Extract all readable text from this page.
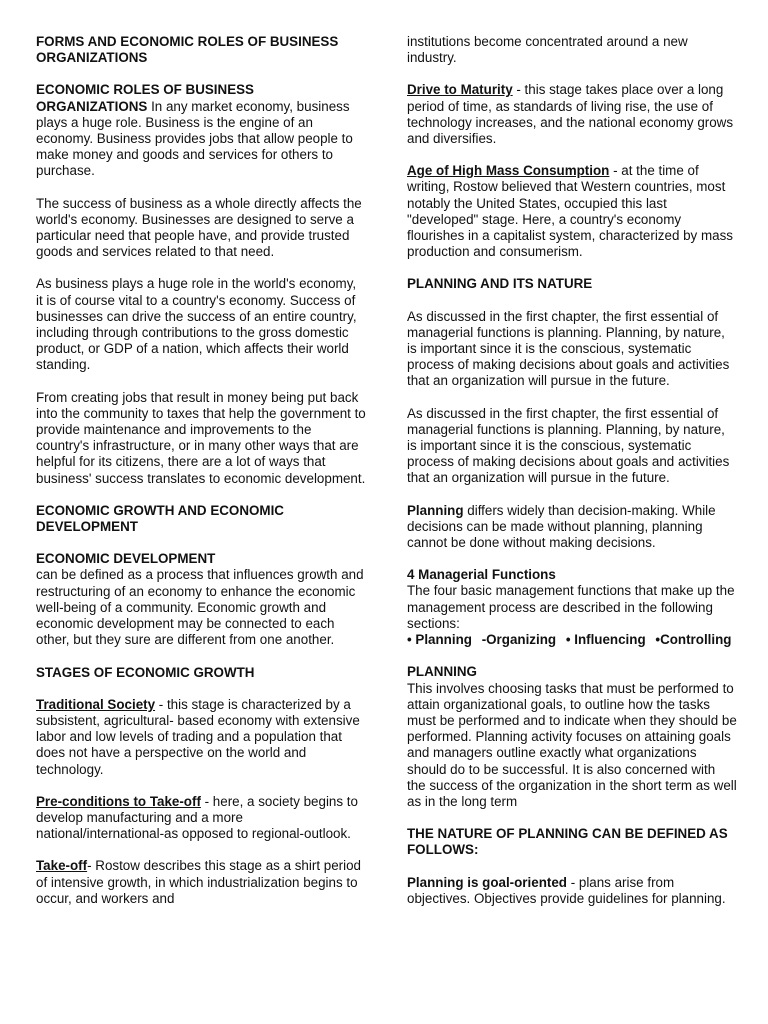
FORMS AND ECONOMIC ROLES OF BUSINESS ORGANIZATIONS

ECONOMIC ROLES OF BUSINESS ORGANIZATIONS In any market economy, business plays a huge role. Business is the engine of an economy. Business provides jobs that allow people to make money and goods and services for others to purchase.

The success of business as a whole directly affects the world's economy. Businesses are designed to serve a particular need that people have, and provide trusted goods and services related to that need.

As business plays a huge role in the world's economy, it is of course vital to a country's economy. Success of businesses can drive the success of an entire country, including through contributions to the gross domestic product, or GDP of a nation, which affects their world standing.

From creating jobs that result in money being put back into the community to taxes that help the government to provide maintenance and improvements to the country's infrastructure, or in many other ways that are helpful for its citizens, there are a lot of ways that business' success translates to economic development.

ECONOMIC GROWTH AND ECONOMIC DEVELOPMENT

ECONOMIC DEVELOPMENT

can be defined as a process that influences growth and restructuring of an economy to enhance the economic well-being of a community. Economic growth and economic development may be connected to each other, but they sure are different from one another.

STAGES OF ECONOMIC GROWTH

Traditional Society - this stage is characterized by a subsistent, agricultural- based economy with extensive labor and low levels of trading and a population that does not have a perspective on the world and technology.

Pre-conditions to Take-off - here, a society begins to develop manufacturing and a more national/international-as opposed to regional-outlook.

Take-off- Rostow describes this stage as a shirt period of intensive growth, in which industrialization begins to occur, and workers and

institutions become concentrated around a new industry.

Drive to Maturity - this stage takes place over a long period of time, as standards of living rise, the use of technology increases, and the national economy grows and diversifies.

Age of High Mass Consumption - at the time of writing, Rostow believed that Western countries, most notably the United States, occupied this last "developed" stage. Here, a country's economy flourishes in a capitalist system, characterized by mass production and consumerism.

PLANNING AND ITS NATURE

As discussed in the first chapter, the first essential of managerial functions is planning. Planning, by nature, is important since it is the conscious, systematic process of making decisions about goals and activities that an organization will pursue in the future.

As discussed in the first chapter, the first essential of managerial functions is planning. Planning, by nature, is important since it is the conscious, systematic process of making decisions about goals and activities that an organization will pursue in the future.

Planning differs widely than decision-making. While decisions can be made without planning, planning cannot be done without making decisions.

4 Managerial Functions

The four basic management functions that make up the management process are described in the following sections:

• Planning -Organizing • Influencing •Controlling

PLANNING

This involves choosing tasks that must be performed to attain organizational goals, to outline how the tasks must be performed and to indicate when they should be performed. Planning activity focuses on attaining goals and managers outline exactly what organizations should do to be successful. It is also concerned with the success of the organization in the short term as well as in the long term

THE NATURE OF PLANNING CAN BE DEFINED AS FOLLOWS:

Planning is goal-oriented - plans arise from objectives. Objectives provide guidelines for planning.
